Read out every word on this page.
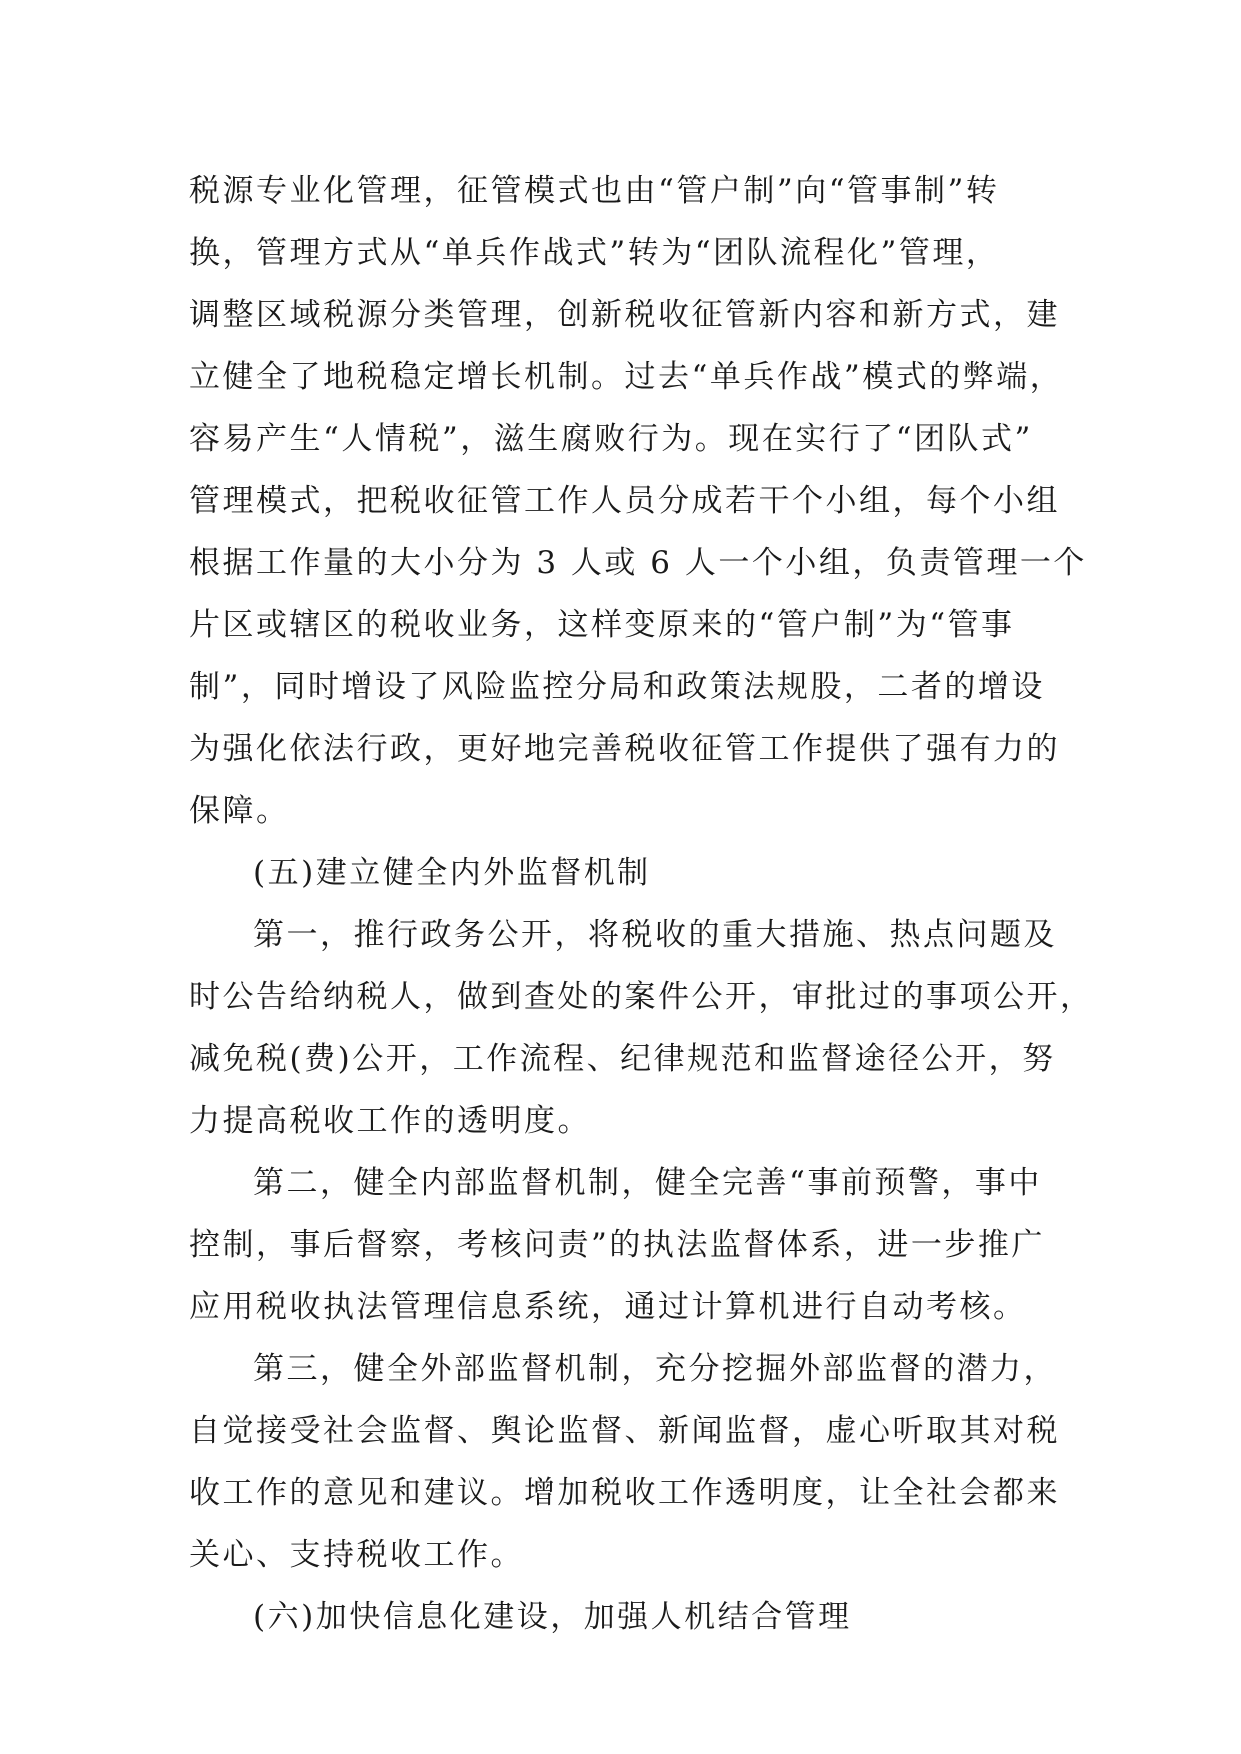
税源专业化管理，征管模式也由“管户制”向“管事制”转
换，管理方式从“单兵作战式”转为“团队流程化”管理，
调整区域税源分类管理，创新税收征管新内容和新方式，建
立健全了地税稳定增长机制。过去“单兵作战”模式的弊端，
容易产生“人情税”，滋生腐败行为。现在实行了“团队式”
管理模式，把税收征管工作人员分成若干个小组，每个小组
根据工作量的大小分为 3 人或 6 人一个小组，负责管理一个
片区或辖区的税收业务，这样变原来的“管户制”为“管事
制”，同时增设了风险监控分局和政策法规股，二者的增设
为强化依法行政，更好地完善税收征管工作提供了强有力的
保障。
(五)建立健全内外监督机制
第一，推行政务公开，将税收的重大措施、热点问题及
时公告给纳税人，做到查处的案件公开，审批过的事项公开，
减免税(费)公开，工作流程、纪律规范和监督途径公开，努
力提高税收工作的透明度。
第二，健全内部监督机制，健全完善“事前预警，事中
控制，事后督察，考核问责”的执法监督体系，进一步推广
应用税收执法管理信息系统，通过计算机进行自动考核。
第三，健全外部监督机制，充分挖掘外部监督的潜力，
自觉接受社会监督、舆论监督、新闻监督，虚心听取其对税
收工作的意见和建议。增加税收工作透明度，让全社会都来
关心、支持税收工作。
(六)加快信息化建设，加强人机结合管理
